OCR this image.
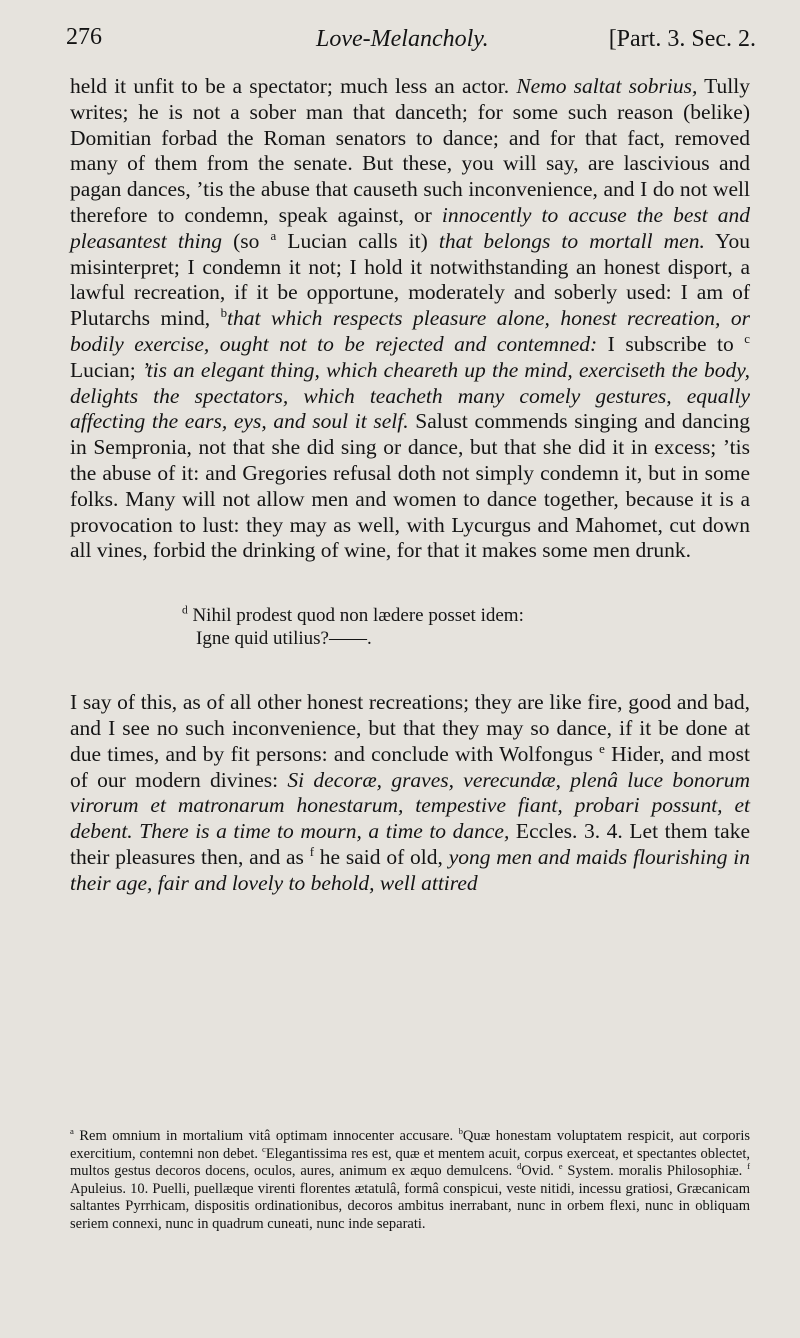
276	Love-Melancholy.	[Part. 3. Sec. 2.

held it unfit to be a spectator; much less an actor. Nemo saltat sobrius, Tully writes; he is not a sober man that danceth; for some such reason (belike) Domitian forbad the Roman senators to dance; and for that fact, removed many of them from the senate. But these, you will say, are lascivious and pagan dances, ’tis the abuse that causeth such inconvenience, and I do not well therefore to condemn, speak against, or innocently to accuse the best and pleasantest thing (so $^a$ Lucian calls it) that belongs to mortall men. You misinterpret; I condemn it not; I hold it notwithstanding an honest disport, a lawful recreation, if it be opportune, moderately and soberly used: I am of Plutarchs mind, $^b$that which respects pleasure alone, honest recreation, or bodily exercise, ought not to be rejected and contemned: I subscribe to $^c$ Lucian; ’tis an elegant thing, which cheareth up the mind, exerciseth the body, delights the spectators, which teacheth many comely gestures, equally affecting the ears, eys, and soul it self. Salust commends singing and dancing in Sempronia, not that she did sing or dance, but that she did it in excess; ’tis the abuse of it: and Gregories refusal doth not simply condemn it, but in some folks. Many will not allow men and women to dance together, because it is a provocation to lust: they may as well, with Lycurgus and Mahomet, cut down all vines, forbid the drinking of wine, for that it makes some men drunk.

$^d$ Nihil prodest quod non lædere posset idem:
Igne quid utilius?——.

I say of this, as of all other honest recreations; they are like fire, good and bad, and I see no such inconvenience, but that they may so dance, if it be done at due times, and by fit persons: and conclude with Wolfongus $^e$ Hider, and most of our modern divines: Si decoræ, graves, verecundæ, plenâ luce bonorum virorum et matronarum honestarum, tempestive fiant, probari possunt, et debent. There is a time to mourn, a time to dance, Eccles. 3. 4. Let them take their pleasures then, and as $^f$ he said of old, yong men and maids flourishing in their age, fair and lovely to behold, well attired

$^a$ Rem omnium in mortalium vitâ optimam innocenter accusare. $^b$Quæ honestam voluptatem respicit, aut corporis exercitium, contemni non debet. $^c$Elegantissima res est, quæ et mentem acuit, corpus exerceat, et spectantes oblectet, multos gestus decoros docens, oculos, aures, animum ex æquo demulcens. $^d$Ovid. $^e$ System. moralis Philosophiæ. $^f$ Apuleius. 10. Puelli, puellæque virenti florentes ætatulâ, formâ conspicui, veste nitidi, incessu gratiosi, Græcanicam saltantes Pyrrhicam, dispositis ordinationibus, decoros ambitus inerrabant, nunc in orbem flexi, nunc in obliquam seriem connexi, nunc in quadrum cuneati, nunc inde separati.
